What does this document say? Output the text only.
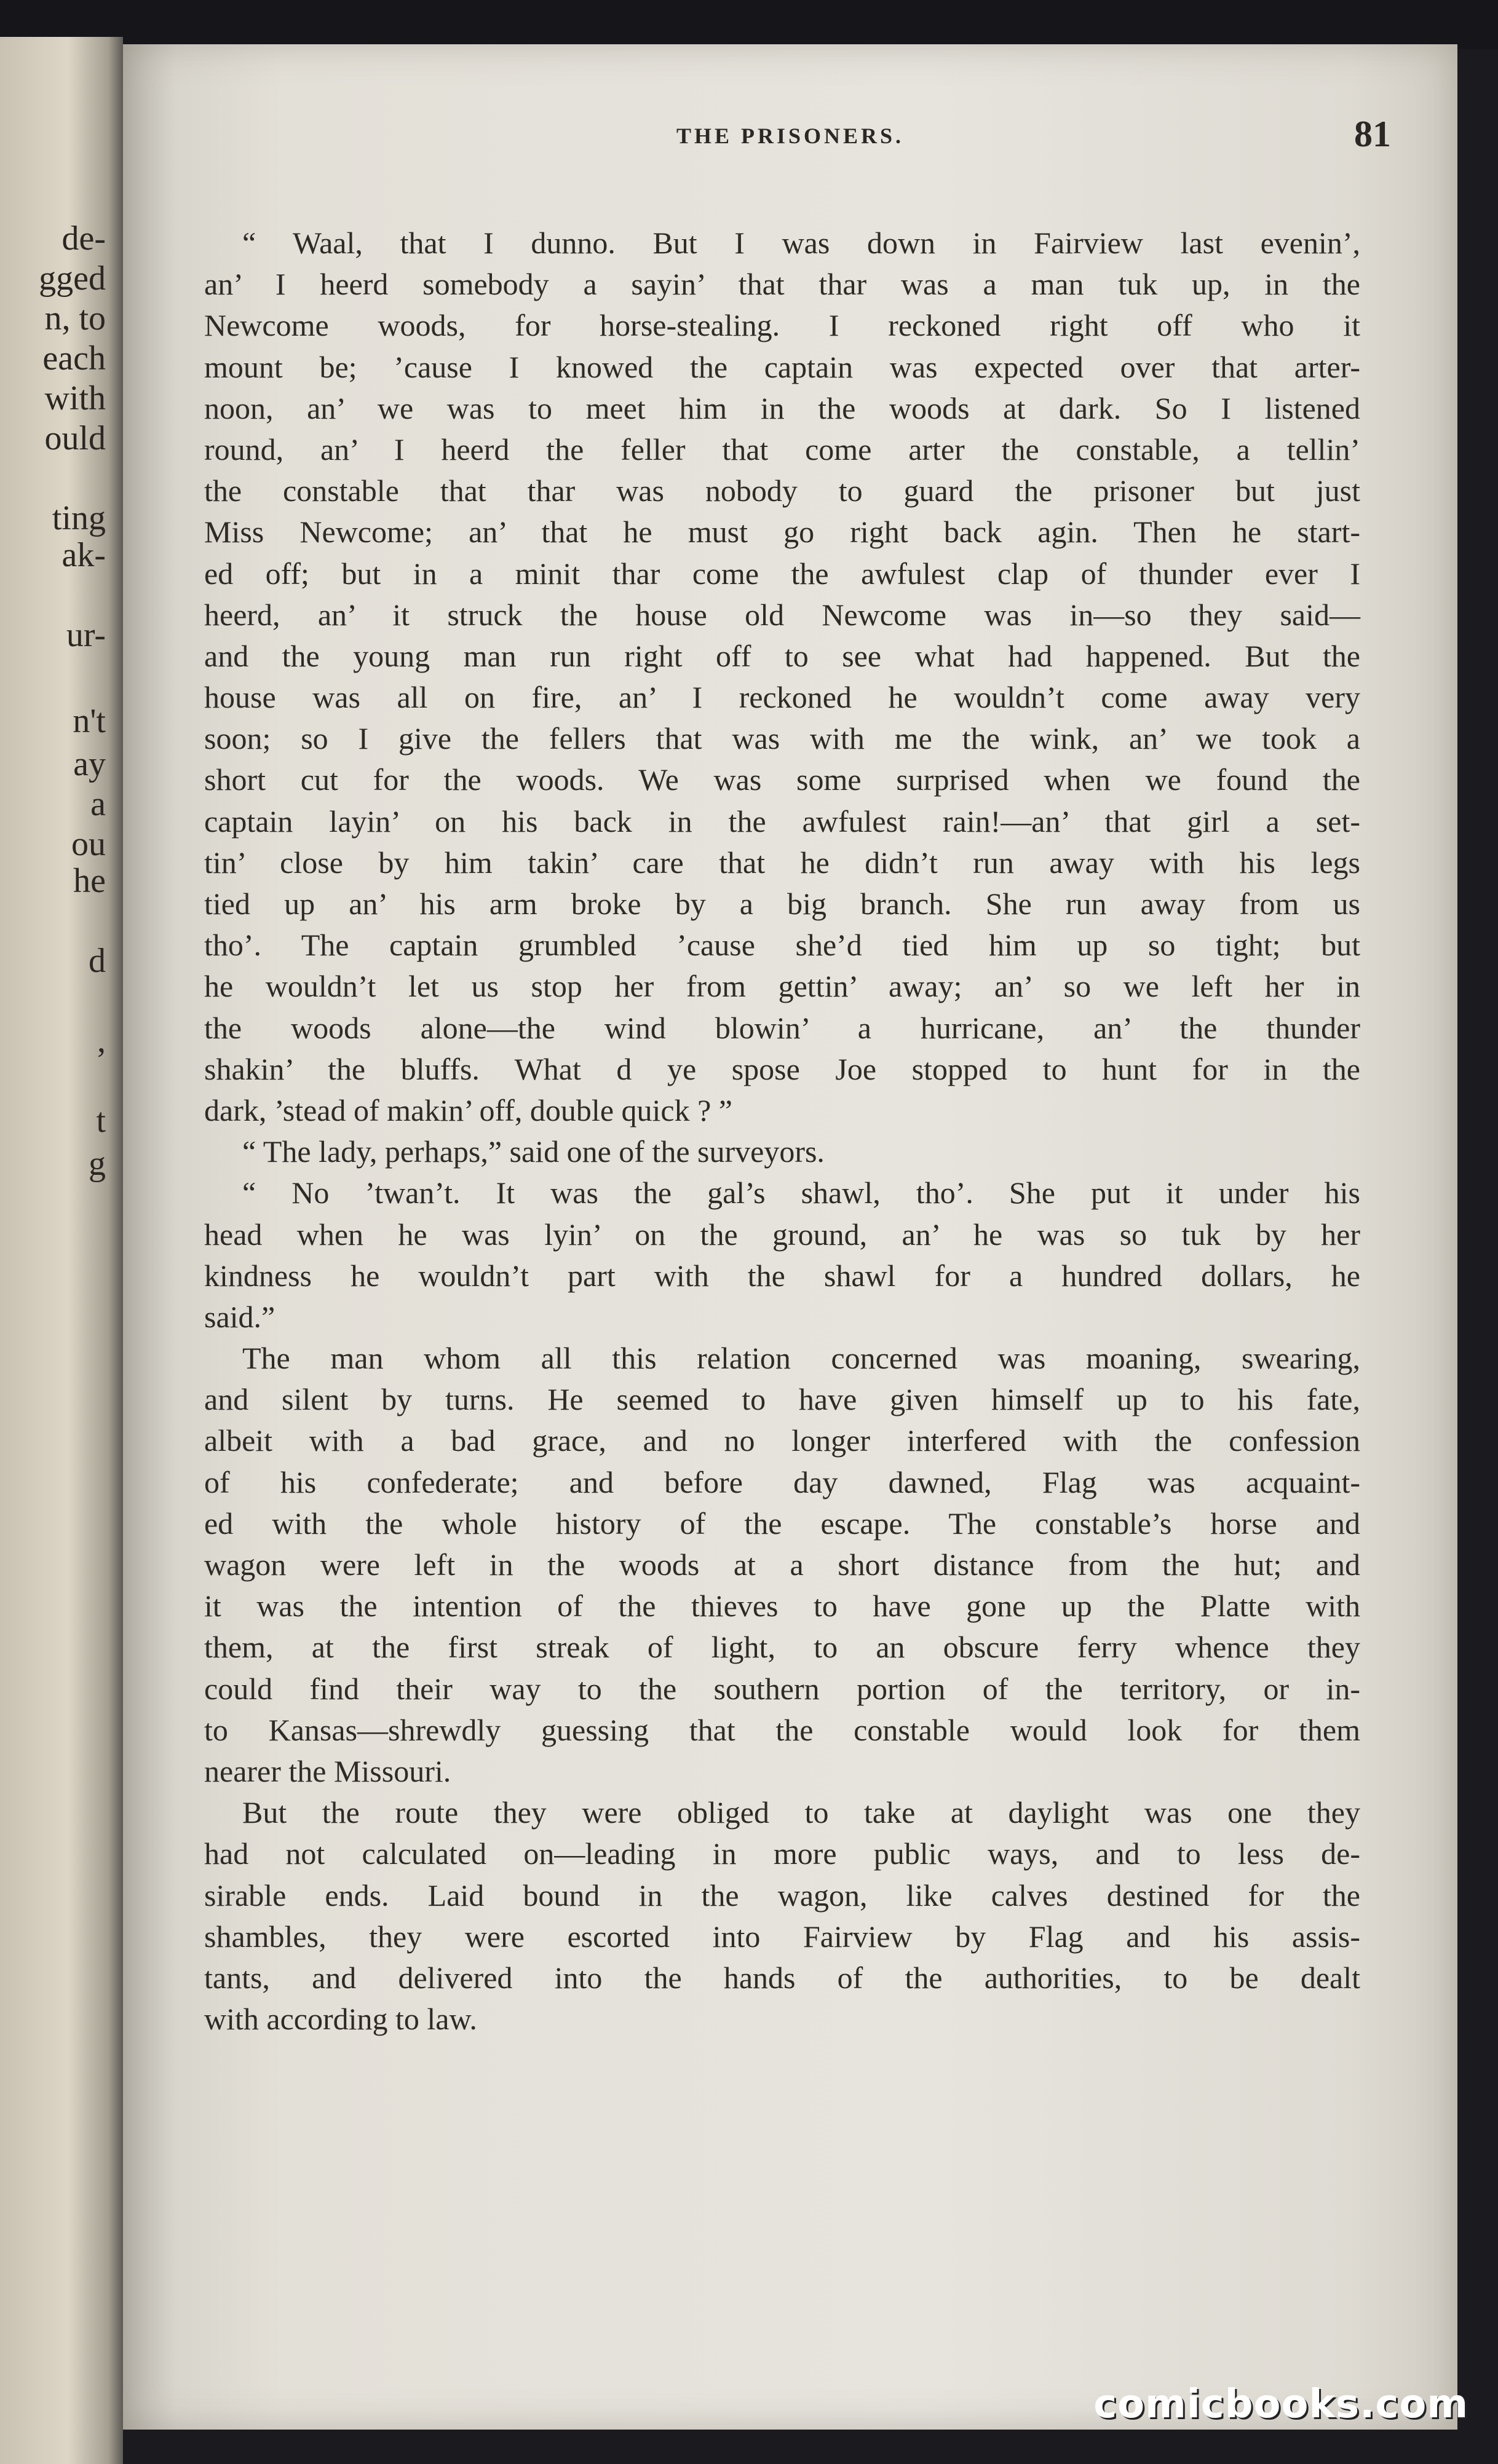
de-
gged
n, to
each
with
ould
ting
ak-
ur-
n't
ay
a
ou
he
d
,
t
g
THE PRISONERS.	81
“ Waal, that I dunno. But I was down in Fairview last evenin’,
an’ I heerd somebody a sayin’ that thar was a man tuk up, in the
Newcome woods, for horse-stealing. I reckoned right off who it
mount be; ’cause I knowed the captain was expected over that arter-
noon, an’ we was to meet him in the woods at dark. So I listened
round, an’ I heerd the feller that come arter the constable, a tellin’
the constable that thar was nobody to guard the prisoner but just
Miss Newcome; an’ that he must go right back agin. Then he start-
ed off; but in a minit thar come the awfulest clap of thunder ever I
heerd, an’ it struck the house old Newcome was in—so they said—
and the young man run right off to see what had happened. But the
house was all on fire, an’ I reckoned he wouldn’t come away very
soon; so I give the fellers that was with me the wink, an’ we took a
short cut for the woods. We was some surprised when we found the
captain layin’ on his back in the awfulest rain!—an’ that girl a set-
tin’ close by him takin’ care that he didn’t run away with his legs
tied up an’ his arm broke by a big branch. She run away from us
tho’. The captain grumbled ’cause she’d tied him up so tight; but
he wouldn’t let us stop her from gettin’ away; an’ so we left her in
the woods alone—the wind blowin’ a hurricane, an’ the thunder
shakin’ the bluffs. What d ye spose Joe stopped to hunt for in the
dark, ’stead of makin’ off, double quick ? ”
“ The lady, perhaps,” said one of the surveyors.
“ No ’twan’t. It was the gal’s shawl, tho’. She put it under his
head when he was lyin’ on the ground, an’ he was so tuk by her
kindness he wouldn’t part with the shawl for a hundred dollars, he
said.”
The man whom all this relation concerned was moaning, swearing,
and silent by turns. He seemed to have given himself up to his fate,
albeit with a bad grace, and no longer interfered with the confession
of his confederate; and before day dawned, Flag was acquaint-
ed with the whole history of the escape. The constable’s horse and
wagon were left in the woods at a short distance from the hut; and
it was the intention of the thieves to have gone up the Platte with
them, at the first streak of light, to an obscure ferry whence they
could find their way to the southern portion of the territory, or in-
to Kansas—shrewdly guessing that the constable would look for them
nearer the Missouri.
But the route they were obliged to take at daylight was one they
had not calculated on—leading in more public ways, and to less de-
sirable ends. Laid bound in the wagon, like calves destined for the
shambles, they were escorted into Fairview by Flag and his assis-
tants, and delivered into the hands of the authorities, to be dealt
with according to law.
comicbooks.com
